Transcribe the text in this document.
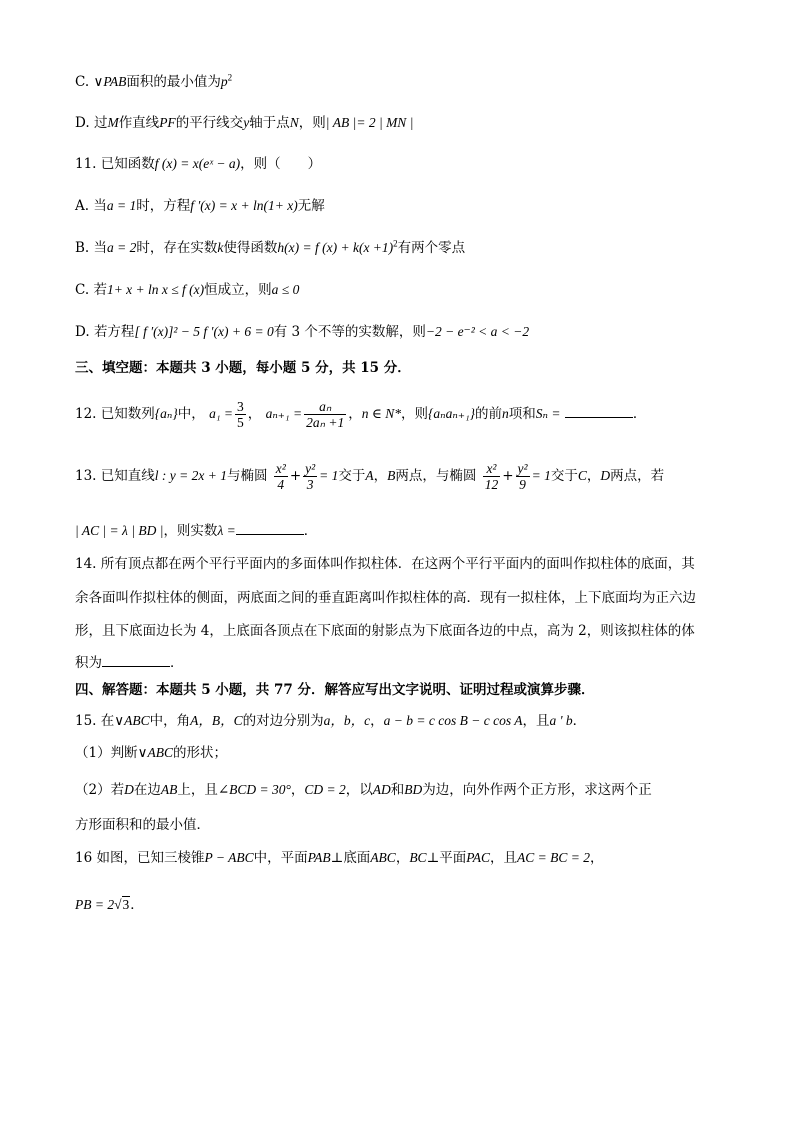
C. ∨PAB面积的最小值为$p^2$
D. 过M作直线PF的平行线交y轴于点N，则| AB |= 2 | MN |
11. 已知函数f (x) = x(eˣ − a)，则（　　）
A. 当a = 1时，方程f ′(x) = x + ln(1+ x)无解
B. 当a = 2时，存在实数k使得函数h(x) = f $(x) + k(x +1)^2$有两个零点
C. 若1+ x + ln x ≤ f (x)恒成立，则a ≤ 0
D. 若方程[ f ′(x)]² − 5 f ′(x) + 6 = 0有 3 个不等的实数解，则−2 − e⁻² < a < −2
三、填空题：本题共 3 小题，每小题 5 分，共 15 分．
12. 已知数列{aₙ}中， $a_1 = \frac{3}{5}$ ， $a_{n+1} = \frac{\text{aₙ}}{\text{2aₙ +1}}$ ，n ∈ N*，则{aₙaₙ₊₁}的前n项和Sₙ =	．
13. 已知直线l : y = 2x + 1与椭圆 $\frac{\text{x²}}{4} + \frac{\text{y²}}{3} = 1$交于A，B两点，与椭圆 $\frac{\text{x²}}{12} + \frac{\text{y²}}{9} = 1$交于C，D两点，若
| AC | = λ | BD |，则实数λ =	．
14. 所有顶点都在两个平行平面内的多面体叫作拟柱体．在这两个平行平面内的面叫作拟柱体的底面，其
余各面叫作拟柱体的侧面，两底面之间的垂直距离叫作拟柱体的高．现有一拟柱体，上下底面均为正六边
形，且下底面边长为 4，上底面各顶点在下底面的射影点为下底面各边的中点，高为 2，则该拟柱体的体
积为	．
四、解答题：本题共 5 小题，共 77 分．解答应写出文字说明、证明过程或演算步骤．
15. 在∨ABC中，角A，B，C的对边分别为a，b，c，a − b = c cos B − c cos A，且a ' b．
（1）判断∨ABC的形状；
（2）若D在边AB上，且∠BCD = 30°，CD = 2，以AD和BD为边，向外作两个正方形，求这两个正
方形面积和的最小值．
16 如图，已知三棱锥P − ABC中，平面PAB⊥底面ABC，BC⊥平面PAC，且AC = BC = 2，
PB = 2√3．
